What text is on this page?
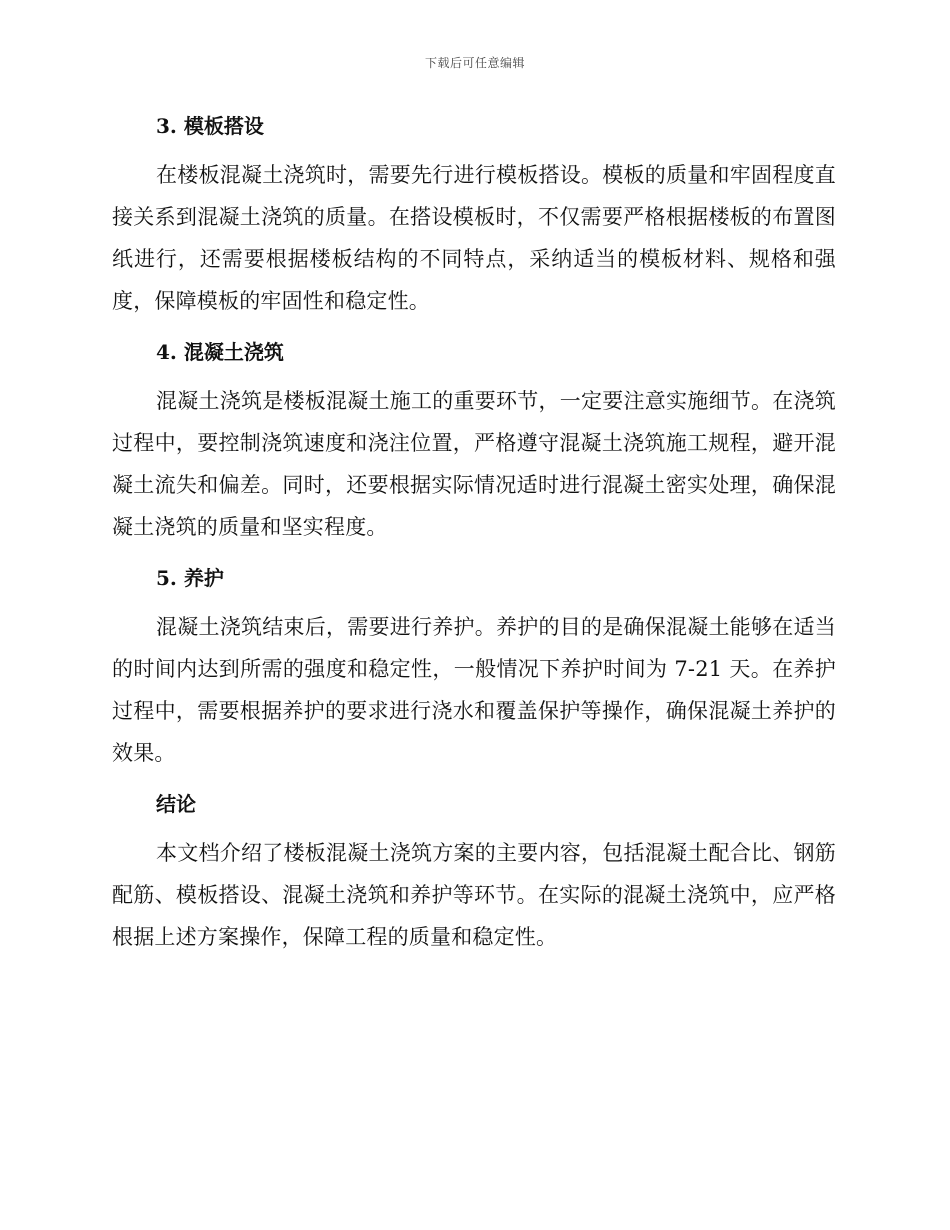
下载后可任意编辑
3. 模板搭设

在楼板混凝土浇筑时，需要先行进行模板搭设。模板的质量和牢固程度直接关系到混凝土浇筑的质量。在搭设模板时，不仅需要严格根据楼板的布置图纸进行，还需要根据楼板结构的不同特点，采纳适当的模板材料、规格和强度，保障模板的牢固性和稳定性。

4. 混凝土浇筑

混凝土浇筑是楼板混凝土施工的重要环节，一定要注意实施细节。在浇筑过程中，要控制浇筑速度和浇注位置，严格遵守混凝土浇筑施工规程，避开混凝土流失和偏差。同时，还要根据实际情况适时进行混凝土密实处理，确保混凝土浇筑的质量和坚实程度。

5. 养护

混凝土浇筑结束后，需要进行养护。养护的目的是确保混凝土能够在适当的时间内达到所需的强度和稳定性，一般情况下养护时间为 7-21 天。在养护过程中，需要根据养护的要求进行浇水和覆盖保护等操作，确保混凝土养护的效果。

结论

本文档介绍了楼板混凝土浇筑方案的主要内容，包括混凝土配合比、钢筋配筋、模板搭设、混凝土浇筑和养护等环节。在实际的混凝土浇筑中，应严格根据上述方案操作，保障工程的质量和稳定性。
